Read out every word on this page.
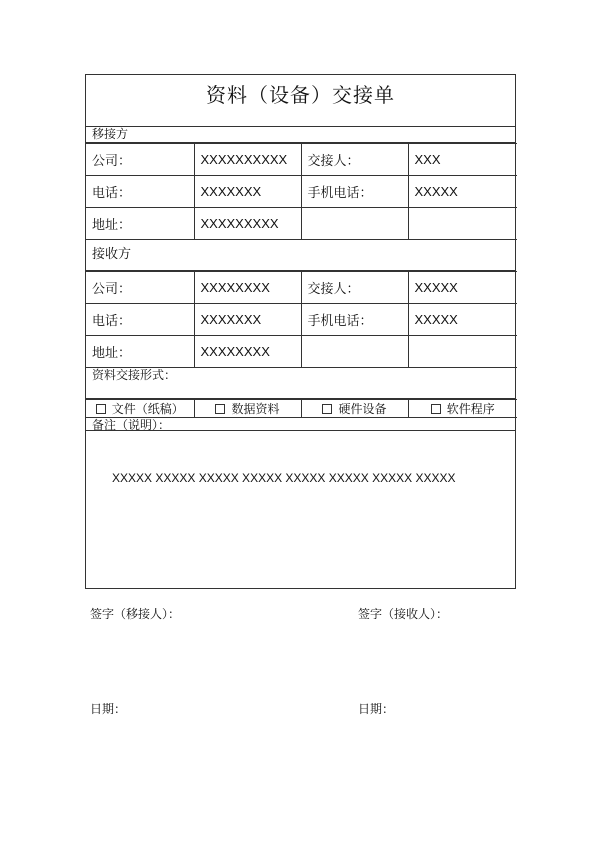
资料（设备）交接单
移接方
公司：	XXXXXXXXXX	交接人：	XXX
电话：	XXXXXXX	手机电话：	XXXXX
地址：	XXXXXXXXX		
接收方
公司：	XXXXXXXX	交接人：	XXXXX
电话：	XXXXXXX	手机电话：	XXXXX
地址：	XXXXXXXX		
资料交接形式：
文件（纸稿）	数据资料	硬件设备	软件程序
备注（说明）：
XXXXX XXXXX XXXXX XXXXX XXXXX XXXXX XXXXX XXXXX
签字（移接人）：	签字（接收人）：
日期：	日期：
